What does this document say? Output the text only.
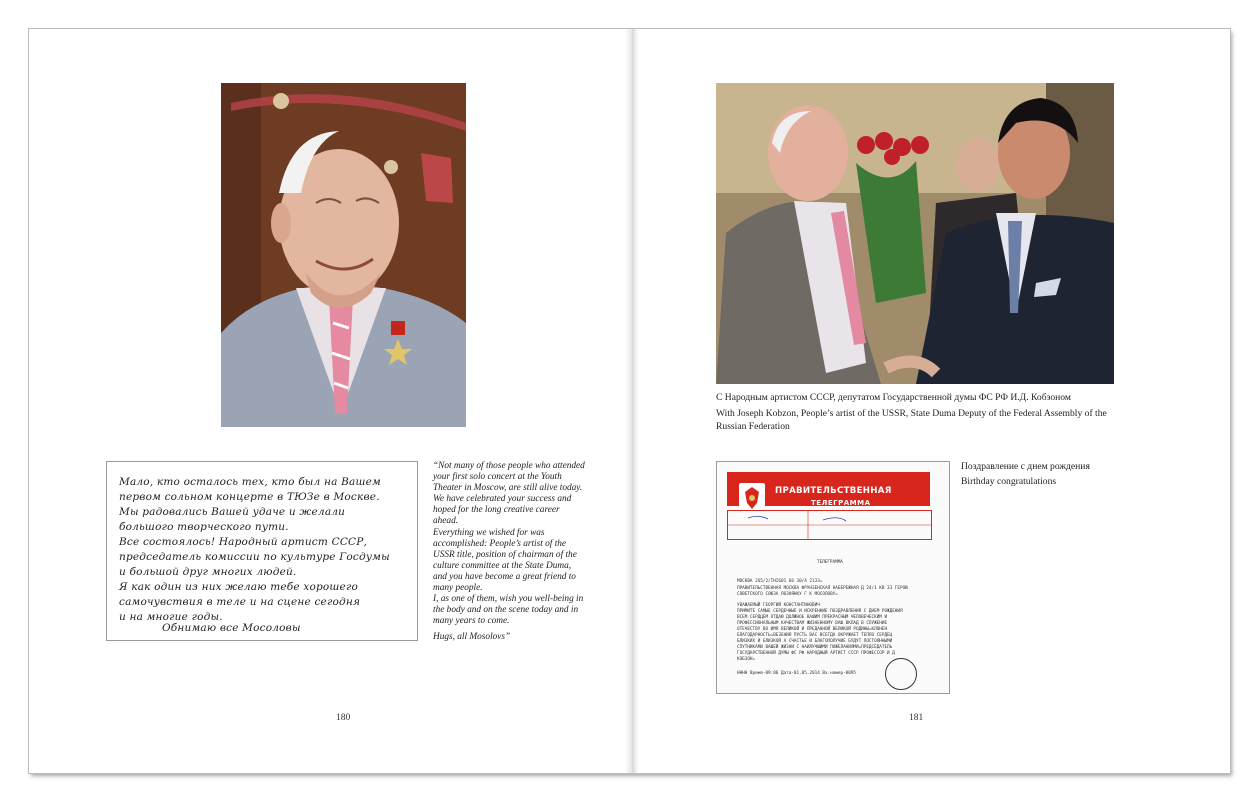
Мало, кто осталось тех, кто был на Вашем
первом сольном концерте в ТЮЗе в Москве.
Мы радовались Вашей удаче и желали
большого творческого пути.
Все состоялось! Народный артист СССР,
председатель комиссии по культуре Госдумы
и большой друг многих людей.
Я как один из них желаю тебе хорошего
самочувствия в теле и на сцене сегодня
и на многие годы.
Обнимаю все Мосоловы

“Not many of those people who attended your first solo concert at the Youth Theater in Moscow, are still alive today. We have celebrated your success and hoped for the long creative career ahead.

Everything we wished for was accomplished: People’s artist of the USSR title, position of chairman of the culture committee at the State Duma, and you have become a great friend to many people.

I, as one of them, wish you well-being in the body and on the scene today and in many years to come.

Hugs, all Mosolovs”

180
С Народным артистом СССР, депутатом Государственной думы ФС РФ И.Д. Кобзоном
With Joseph Kobzon, People’s artist of the USSR, State Duma Deputy of the Federal Assembly of the Russian Federation
ПРАВИТЕЛЬСТВЕННАЯ
ТЕЛЕГРАММА
ТЕЛЕГРАММА
МОСКВА 265/2/THI601 66 30/4 2133=
ПРАВИТЕЛЬСТВЕННАЯ МОСКВА ФРУНЗЕНСКАЯ НАБЕРЕЖНАЯ Д 24/1 КВ 33 ГЕРОЮ
СОВЕТСКОГО СОЮЗА ЛОЗНЯНКУ Г К МОСОЛОВУ=
УВАЖАЕМЫЙ ГЕОРГИЙ КОНСТАНТИНОВИЧ
ПРИМИТЕ САМЫЕ СЕРДЕЧНЫЕ И ИСКРЕННИЕ ПОЗДРАВЛЕНИЯ С ДНЕМ РОЖДЕНИЯ
ВСЕМ СЕРДЦЕМ ОТДАЮ ДОЛЖНОЕ ВАШИМ ПРЕКРАСНЫМ ЧЕЛОВЕЧЕСКИМ И
ПРОФЕССИОНАЛЬНЫМ КАЧЕСТВАМ ЖИЗНЕННОМУ ВАШ ВКЛАД В СЛУЖЕНИЕ
ОТЕЧЕСТВУ ВО ИМЯ ВЕЛИКОЙ И ПРЕДАННОЙ ВЕЛИКОЙ РОДИНЫ=КЛОНЕН
БЛАГОДАРНОСТЬ=ВЕЗЕНИЯ ПУСТЬ ВАС ВСЕГДА ОКРУЖАЕТ ТЕПЛО СЕРДЕЦ
БЛИЗКИХ И БЛИЗКОЙ А СЧАСТЬЕ И БЛАГОПОЛУЧИЕ БУДУТ ПОСТОЯННЫМИ
СПУТНИКАМИ ВАШЕЙ ЖИЗНИ С НАИЛУЧШИМИ ПОЖЕЛАНИЯМИ=ПРЕДСЕДАТЕЛЬ
ГОСУДАРСТВЕННОЙ ДУМЫ ФС РФ НАРОДНЫЙ АРТИСТ СССР ПРОФЕССОР И Д
КОБЗОН=
НННН Время-09:06 Дата-01.05.2014 Вх.номер-0095
Поздравление с днем рождения
Birthday congratulations
181
